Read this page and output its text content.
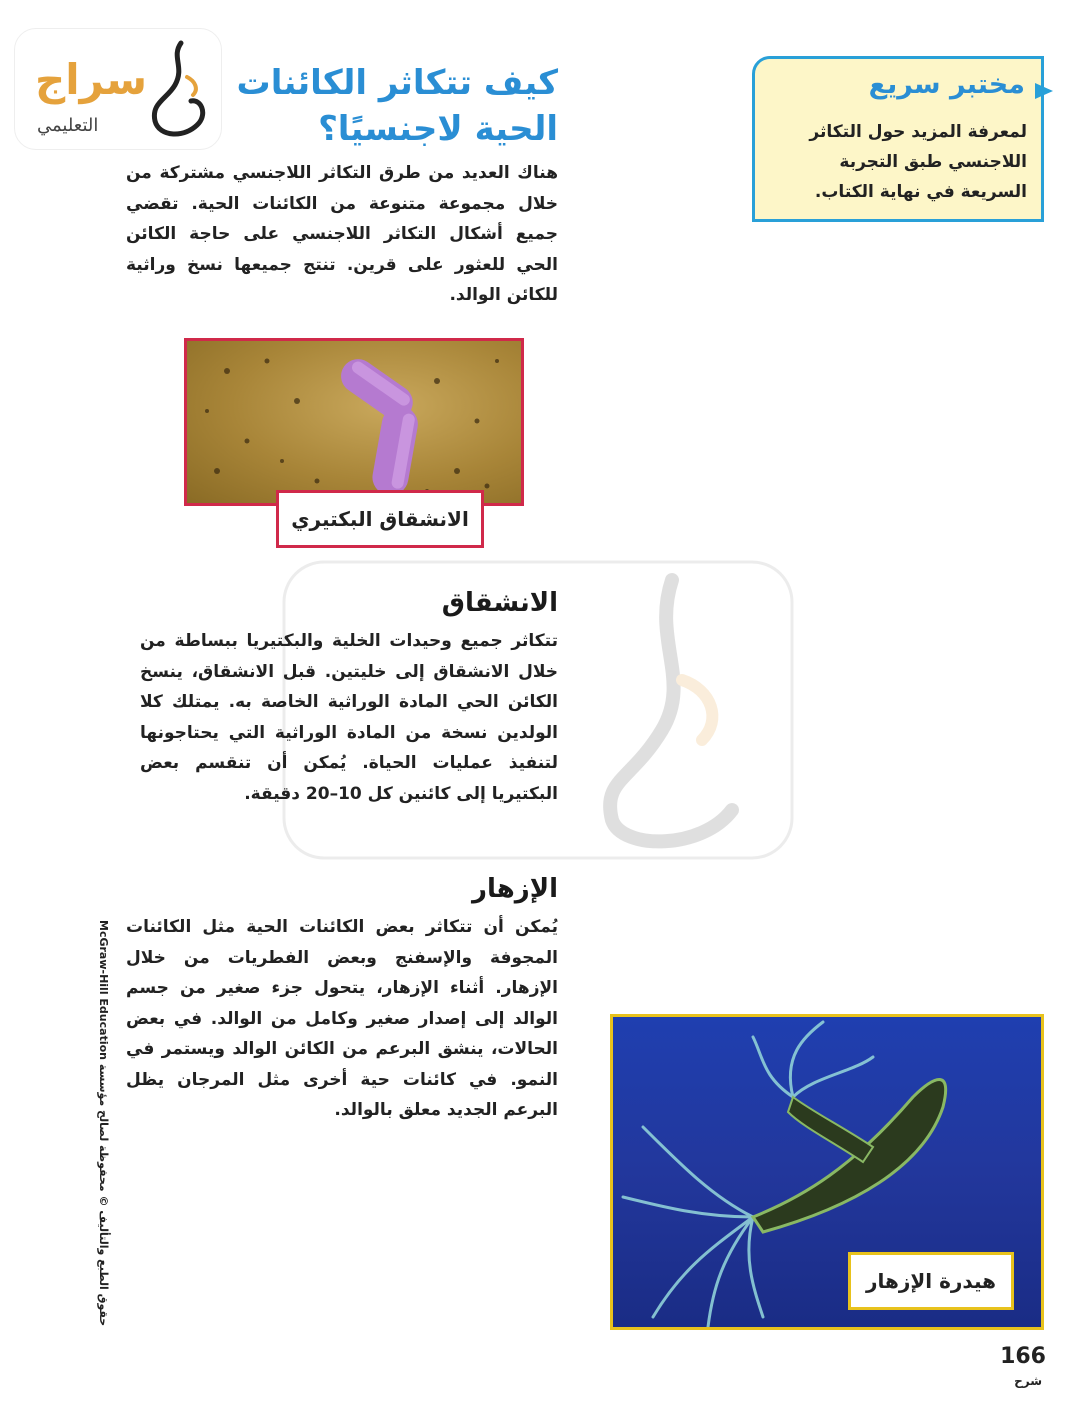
سراج
التعليمي
كيف تتكاثر الكائنات الحية لاجنسيًا؟
هناك العديد من طرق التكاثر اللاجنسي مشتركة من خلال مجموعة متنوعة من الكائنات الحية. تقضي جميع أشكال التكاثر اللاجنسي على حاجة الكائن الحي للعثور على قرين. تنتج جميعها نسخ وراثية للكائن الوالد.
مختبر سريع
لمعرفة المزيد حول التكاثر اللاجنسي طبق التجربة السريعة في نهاية الكتاب.
الانشقاق البكتيري
الانشقاق
تتكاثر جميع وحيدات الخلية والبكتيريا ببساطة من خلال الانشقاق إلى خليتين. قبل الانشقاق، ينسخ الكائن الحي المادة الوراثية الخاصة به. يمتلك كلا الولدين نسخة من المادة الوراثية التي يحتاجونها لتنفيذ عمليات الحياة. يُمكن أن تنقسم بعض البكتيريا إلى كائنين كل 10–20 دقيقة.
الإزهار
يُمكن أن تتكاثر بعض الكائنات الحية مثل الكائنات المجوفة والإسفنج وبعض الفطريات من خلال الإزهار. أثناء الإزهار، يتحول جزء صغير من جسم الوالد إلى إصدار صغير وكامل من الوالد. في بعض الحالات، ينشق البرعم من الكائن الوالد ويستمر في النمو. في كائنات حية أخرى مثل المرجان يظل البرعم الجديد معلق بالوالد.
McGraw-Hill Education حقوق الطبع والتأليف © محفوظة لصالح مؤسسة	هيدرة الإزهار
166
شرح
